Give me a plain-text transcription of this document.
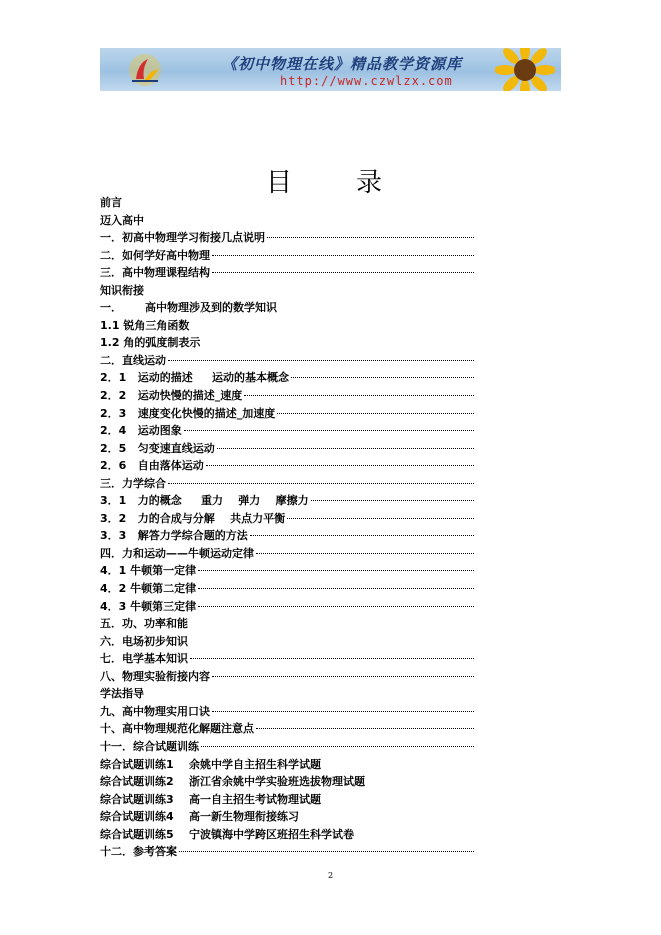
《初中物理在线》精品教学资源库
http://www.czwlzx.com
目录
前言
迈入高中
一．初高中物理学习衔接几点说明
二．如何学好高中物理
三．高中物理课程结构
知识衔接
一．      高中物理涉及到的数学知识
1.1 锐角三角函数
1.2 角的弧度制表示
二．直线运动
2．1   运动的描述     运动的基本概念
2．2   运动快慢的描述_速度
2．3   速度变化快慢的描述_加速度
2．4   运动图象
2．5   匀变速直线运动
2．6   自由落体运动
三．力学综合
3．1   力的概念     重力    弹力    摩擦力
3．2   力的合成与分解    共点力平衡
3．3   解答力学综合题的方法
四．力和运动——牛顿运动定律
4．1 牛顿第一定律
4．2 牛顿第二定律
4．3 牛顿第三定律
五．功、功率和能
六．电场初步知识
七．电学基本知识
八、物理实验衔接内容
学法指导
九、高中物理实用口诀
十、高中物理规范化解题注意点
十一．综合试题训练
综合试题训练1    余姚中学自主招生科学试题
综合试题训练2    浙江省余姚中学实验班选拔物理试题
综合试题训练3    高一自主招生考试物理试题
综合试题训练4    高一新生物理衔接练习
综合试题训练5    宁波镇海中学跨区班招生科学试卷
十二．参考答案
2
